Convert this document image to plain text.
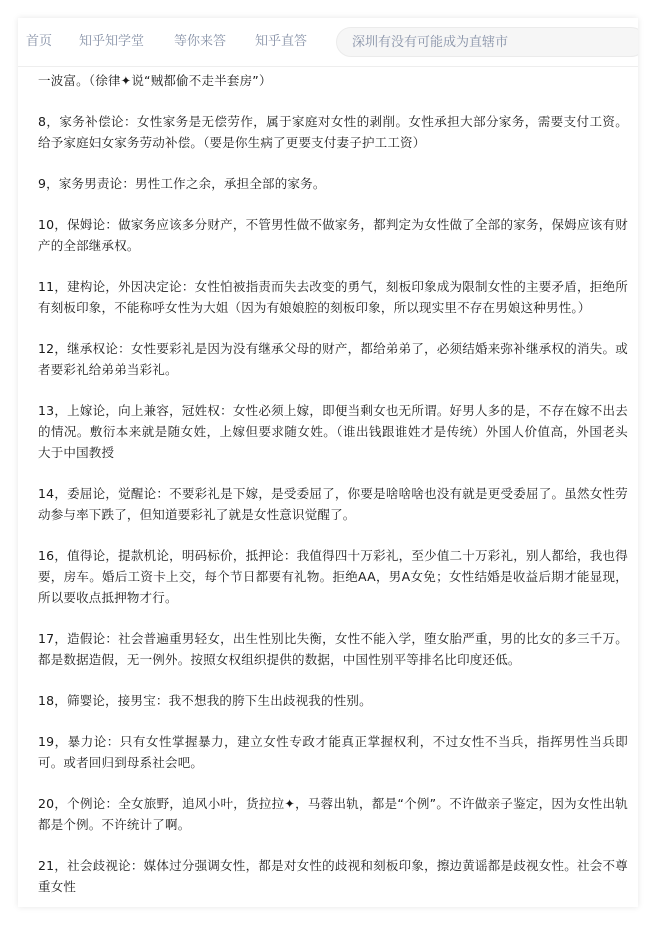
首页 知乎知学堂 等你来答 知乎直答
深圳有没有可能成为直辖市

一波富。（徐律✦说“贼都偷不走半套房”）

8，家务补偿论：女性家务是无偿劳作，属于家庭对女性的剥削。女性承担大部分家务，需要支付工资。给予家庭妇女家务劳动补偿。（要是你生病了更要支付妻子护工工资）

9，家务男责论：男性工作之余，承担全部的家务。

10，保姆论：做家务应该多分财产，不管男性做不做家务，都判定为女性做了全部的家务，保姆应该有财产的全部继承权。

11，建构论，外因决定论：女性怕被指责而失去改变的勇气，刻板印象成为限制女性的主要矛盾，拒绝所有刻板印象，不能称呼女性为大姐（因为有娘娘腔的刻板印象，所以现实里不存在男娘这种男性。）

12，继承权论：女性要彩礼是因为没有继承父母的财产，都给弟弟了，必须结婚来弥补继承权的消失。或者要彩礼给弟弟当彩礼。

13，上嫁论，向上兼容，冠姓权：女性必须上嫁，即便当剩女也无所谓。好男人多的是，不存在嫁不出去的情况。敷衍本来就是随女姓，上嫁但要求随女姓。（谁出钱跟谁姓才是传统）外国人价值高，外国老头大于中国教授

14，委屈论，觉醒论：不要彩礼是下嫁，是受委屈了，你要是啥啥啥也没有就是更受委屈了。虽然女性劳动参与率下跌了，但知道要彩礼了就是女性意识觉醒了。

16，值得论，提款机论，明码标价，抵押论：我值得四十万彩礼，至少值二十万彩礼，别人都给，我也得要，房车。婚后工资卡上交，每个节日都要有礼物。拒绝AA，男A女免；女性结婚是收益后期才能显现，所以要收点抵押物才行。

17，造假论：社会普遍重男轻女，出生性别比失衡，女性不能入学，堕女胎严重，男的比女的多三千万。都是数据造假，无一例外。按照女权组织提供的数据，中国性别平等排名比印度还低。

18，筛婴论，接男宝：我不想我的胯下生出歧视我的性别。

19，暴力论：只有女性掌握暴力，建立女性专政才能真正掌握权利，不过女性不当兵，指挥男性当兵即可。或者回归到母系社会吧。

20，个例论：全女旅野，追风小叶，货拉拉✦，马蓉出轨，都是“个例”。不许做亲子鉴定，因为女性出轨都是个例。不许统计了啊。

21，社会歧视论：媒体过分强调女性，都是对女性的歧视和刻板印象，擦边黄谣都是歧视女性。社会不尊重女性
